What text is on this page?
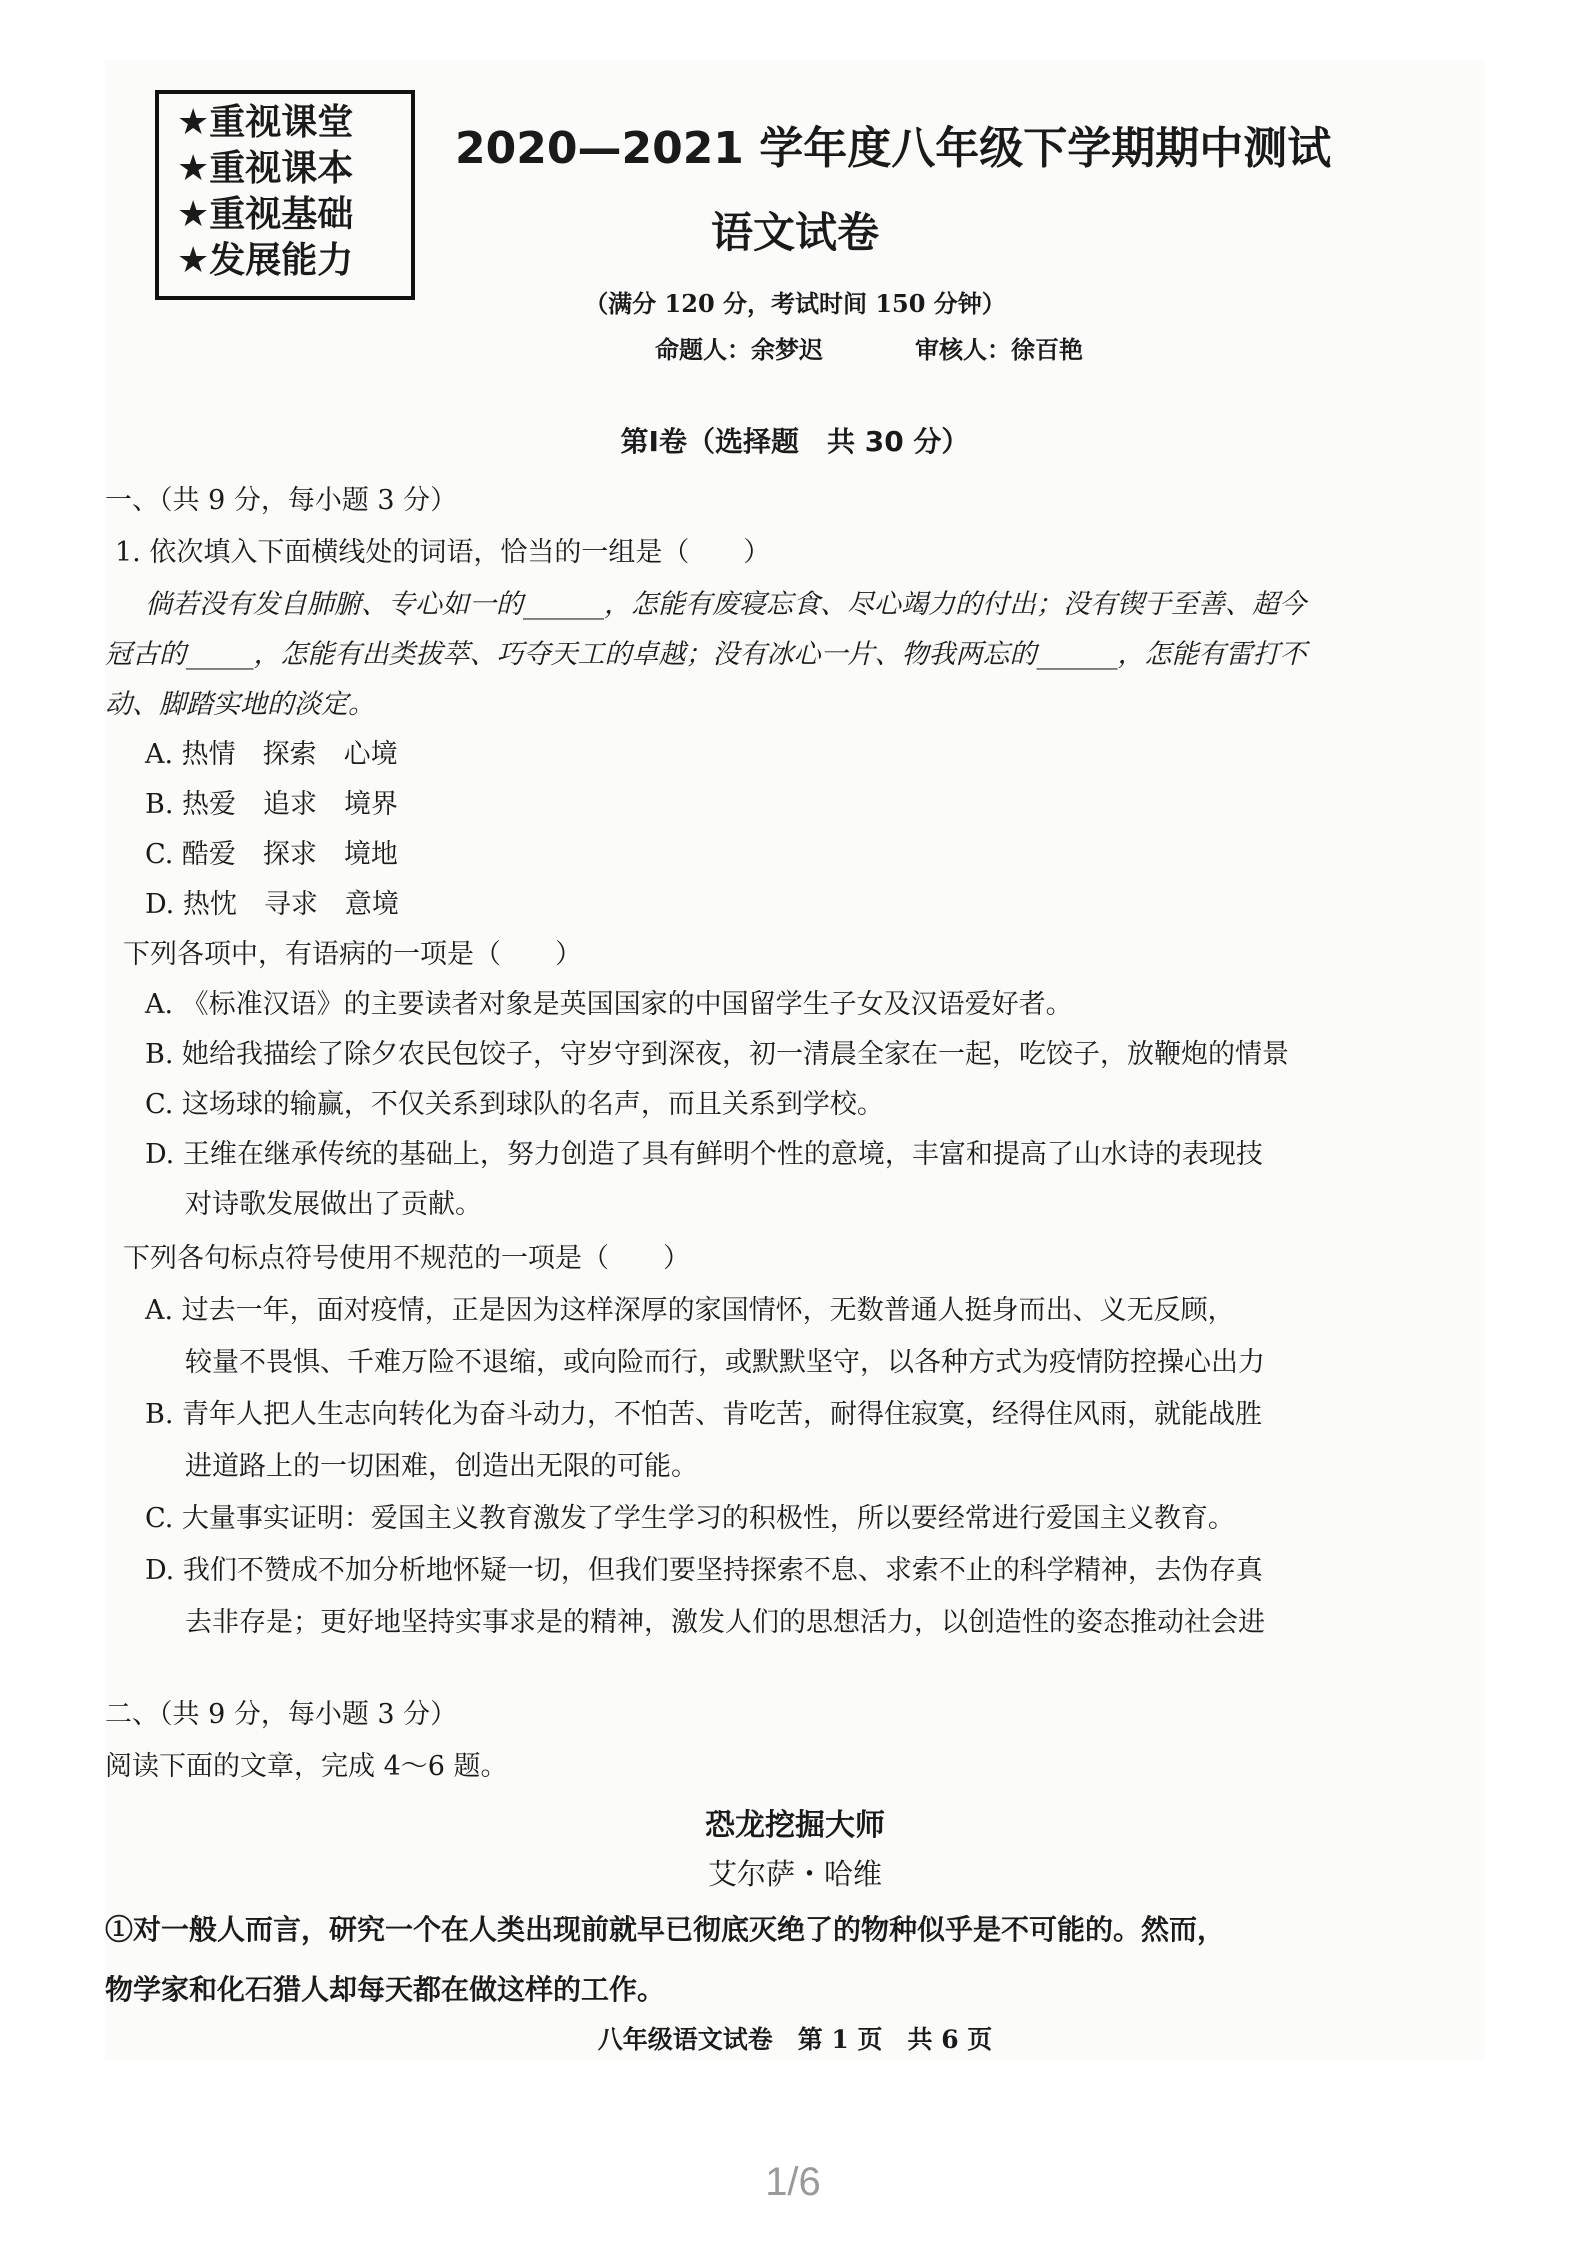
★重视课堂
★重视课本
★重视基础
★发展能力
2020—2021 学年度八年级下学期期中测试
语文试卷
（满分 120 分，考试时间 150 分钟）
命题人：余梦迟	审核人：徐百艳
第Ⅰ卷（选择题　共 30 分）
一、（共 9 分，每小题 3 分）
1. 依次填入下面横线处的词语，恰当的一组是（　　）
倘若没有发自肺腑、专心如一的______，怎能有废寝忘食、尽心竭力的付出；没有锲于至善、超今
冠古的_____，怎能有出类拔萃、巧夺天工的卓越；没有冰心一片、物我两忘的______，怎能有雷打不
动、脚踏实地的淡定。
A. 热情　探索　心境
B. 热爱　追求　境界
C. 酷爱　探求　境地
D. 热忱　寻求　意境
下列各项中，有语病的一项是（　　）
A. 《标准汉语》的主要读者对象是英国国家的中国留学生子女及汉语爱好者。
B. 她给我描绘了除夕农民包饺子，守岁守到深夜，初一清晨全家在一起，吃饺子，放鞭炮的情景
C. 这场球的输赢，不仅关系到球队的名声，而且关系到学校。
D. 王维在继承传统的基础上，努力创造了具有鲜明个性的意境，丰富和提高了山水诗的表现技
对诗歌发展做出了贡献。
下列各句标点符号使用不规范的一项是（　　）
A. 过去一年，面对疫情，正是因为这样深厚的家国情怀，无数普通人挺身而出、义无反顾，
较量不畏惧、千难万险不退缩，或向险而行，或默默坚守，以各种方式为疫情防控操心出力
B. 青年人把人生志向转化为奋斗动力，不怕苦、肯吃苦，耐得住寂寞，经得住风雨，就能战胜
进道路上的一切困难，创造出无限的可能。
C. 大量事实证明：爱国主义教育激发了学生学习的积极性，所以要经常进行爱国主义教育。
D. 我们不赞成不加分析地怀疑一切，但我们要坚持探索不息、求索不止的科学精神，去伪存真
去非存是；更好地坚持实事求是的精神，激发人们的思想活力，以创造性的姿态推动社会进
二、（共 9 分，每小题 3 分）
阅读下面的文章，完成 4～6 题。
恐龙挖掘大师
艾尔萨・哈维
①对一般人而言，研究一个在人类出现前就早已彻底灭绝了的物种似乎是不可能的。然而，
物学家和化石猎人却每天都在做这样的工作。
八年级语文试卷　第 1 页　共 6 页
1/6
